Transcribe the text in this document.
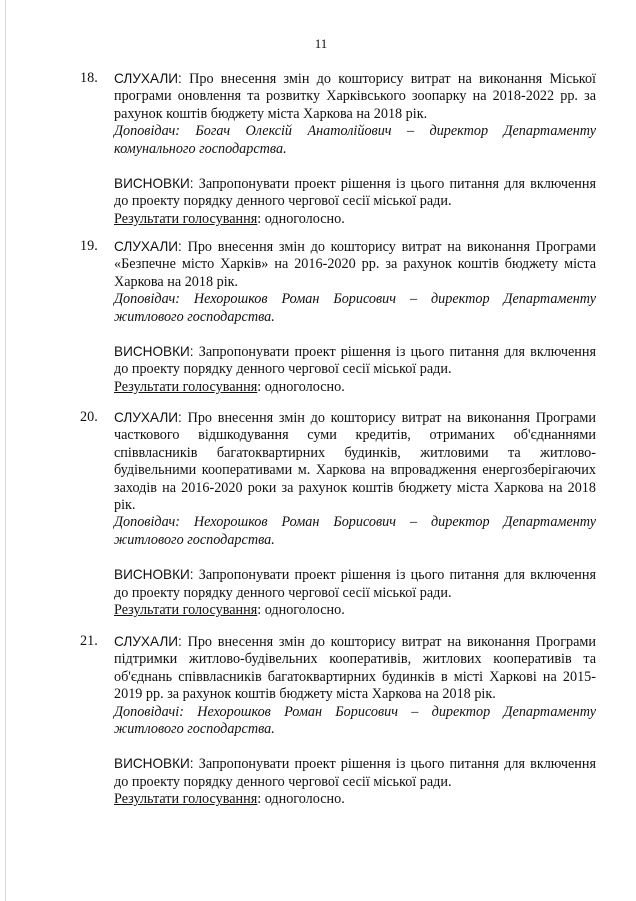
11
18.	СЛУХАЛИ: Про внесення змін до кошторису витрат на виконання Міської програми оновлення та розвитку Харківського зоопарку на 2018-2022 рр. за рахунок коштів бюджету міста Харкова на 2018 рік.

Доповідач: Богач Олексій Анатолійович – директор Департаменту комунального господарства.

ВИСНОВКИ: Запропонувати проект рішення із цього питання для включення до проекту порядку денного чергової сесії міської ради.

Результати голосування: одноголосно.

19.	СЛУХАЛИ: Про внесення змін до кошторису витрат на виконання Програми «Безпечне місто Харків» на 2016-2020 рр. за рахунок коштів бюджету міста Харкова на 2018 рік.

Доповідач: Нехорошков Роман Борисович – директор Департаменту житлового господарства.

ВИСНОВКИ: Запропонувати проект рішення із цього питання для включення до проекту порядку денного чергової сесії міської ради.

Результати голосування: одноголосно.

20.	СЛУХАЛИ: Про внесення змін до кошторису витрат на виконання Програми часткового відшкодування суми кредитів, отриманих об'єднаннями співвласників багатоквартирних будинків, житловими та житлово-будівельними кооперативами м. Харкова на впровадження енергозберігаючих заходів на 2016-2020 роки за рахунок коштів бюджету міста Харкова на 2018 рік.

Доповідач: Нехорошков Роман Борисович – директор Департаменту житлового господарства.

ВИСНОВКИ: Запропонувати проект рішення із цього питання для включення до проекту порядку денного чергової сесії міської ради.

Результати голосування: одноголосно.

21.	СЛУХАЛИ: Про внесення змін до кошторису витрат на виконання Програми підтримки житлово-будівельних кооперативів, житлових кооперативів та об'єднань співвласників багатоквартирних будинків в місті Харкові на 2015-2019 рр. за рахунок коштів бюджету міста Харкова на 2018 рік.

Доповідачі: Нехорошков Роман Борисович – директор Департаменту житлового господарства.

ВИСНОВКИ: Запропонувати проект рішення із цього питання для включення до проекту порядку денного чергової сесії міської ради.

Результати голосування: одноголосно.
